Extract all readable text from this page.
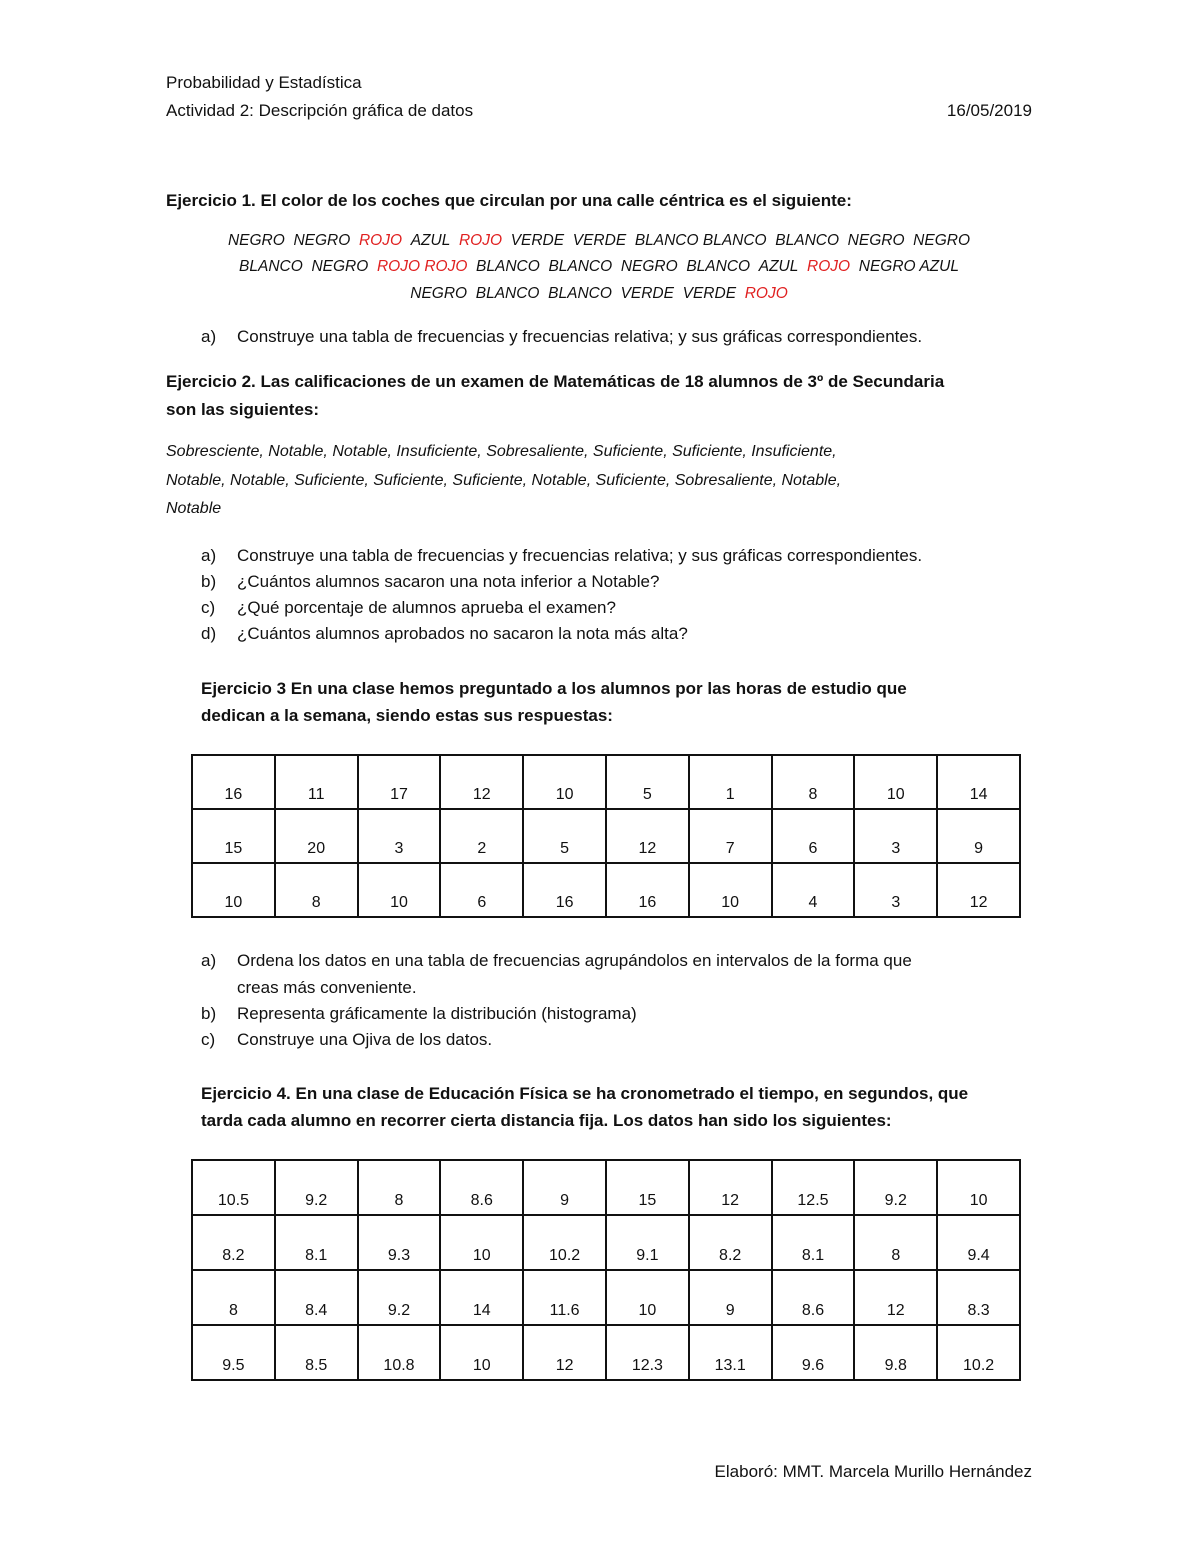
Probabilidad y Estadística
Actividad 2: Descripción gráfica de datos	16/05/2019
Ejercicio 1. El color de los coches que circulan por una calle céntrica es el siguiente:
NEGRO NEGRO ROJO AZUL ROJO VERDE VERDE BLANCO BLANCO BLANCO NEGRO NEGRO
BLANCO NEGRO ROJO ROJO BLANCO BLANCO NEGRO BLANCO AZUL ROJO NEGRO AZUL
NEGRO BLANCO BLANCO VERDE VERDE ROJO
a) Construye una tabla de frecuencias y frecuencias relativa; y sus gráficas correspondientes.
Ejercicio 2. Las calificaciones de un examen de Matemáticas de 18 alumnos de 3º de Secundaria
son las siguientes:
Sobresciente, Notable, Notable, Insuficiente, Sobresaliente, Suficiente, Suficiente, Insuficiente,
Notable, Notable, Suficiente, Suficiente, Suficiente, Notable, Suficiente, Sobresaliente, Notable,
Notable
a) Construye una tabla de frecuencias y frecuencias relativa; y sus gráficas correspondientes.
b) ¿Cuántos alumnos sacaron una nota inferior a Notable?
c) ¿Qué porcentaje de alumnos aprueba el examen?
d) ¿Cuántos alumnos aprobados no sacaron la nota más alta?
Ejercicio 3 En una clase hemos preguntado a los alumnos por las horas de estudio que
dedican a la semana, siendo estas sus respuestas:
16	11	17	12	10	5	1	8	10	14
15	20	3	2	5	12	7	6	3	9
10	8	10	6	16	16	10	4	3	12
a) Ordena los datos en una tabla de frecuencias agrupándolos en intervalos de la forma que
creas más conveniente.
b) Representa gráficamente la distribución (histograma)
c) Construye una Ojiva de los datos.
Ejercicio 4. En una clase de Educación Física se ha cronometrado el tiempo, en segundos, que
tarda cada alumno en recorrer cierta distancia fija. Los datos han sido los siguientes:
10.5	9.2	8	8.6	9	15	12	12.5	9.2	10
8.2	8.1	9.3	10	10.2	9.1	8.2	8.1	8	9.4
8	8.4	9.2	14	11.6	10	9	8.6	12	8.3
9.5	8.5	10.8	10	12	12.3	13.1	9.6	9.8	10.2
Elaboró: MMT. Marcela Murillo Hernández
